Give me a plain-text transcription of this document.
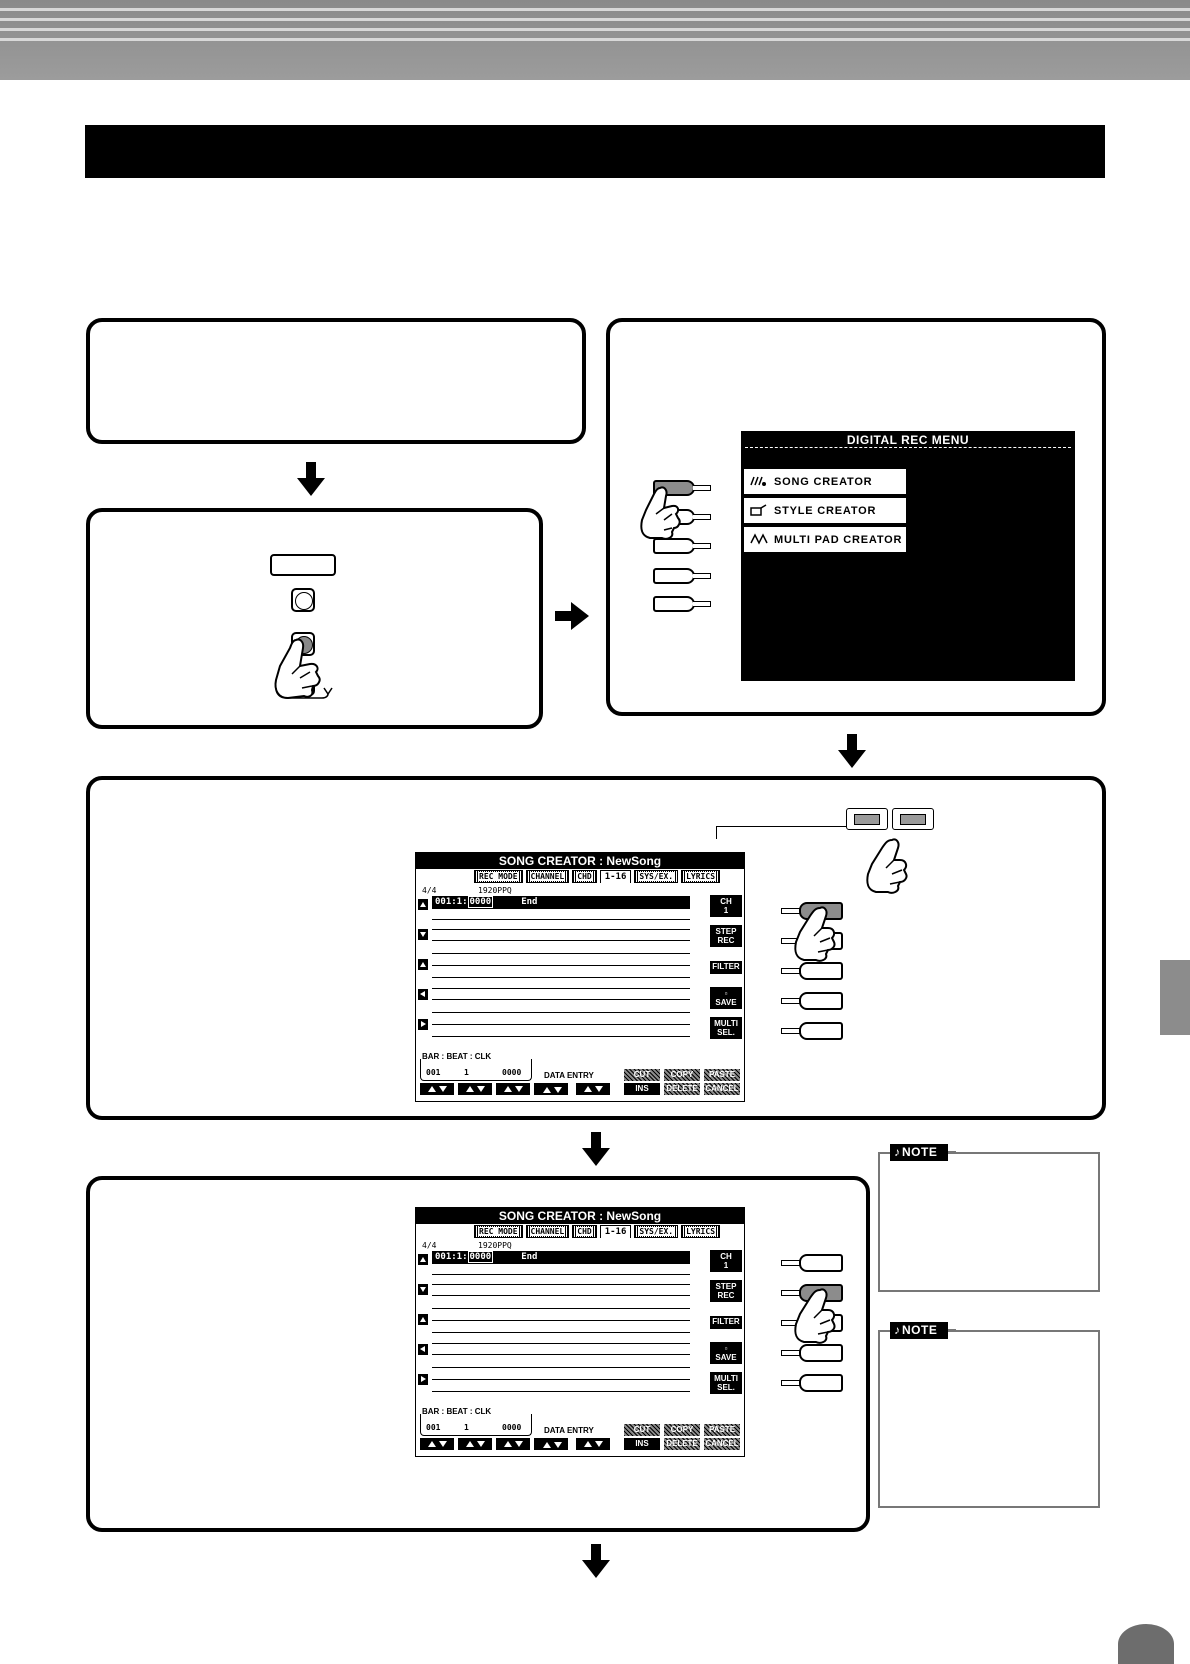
DIGITAL REC MENU
SONG CREATOR
STYLE CREATOR
MULTI PAD CREATOR
SONG CREATOR : NewSong
REC MODE	CHANNEL	CHD	1-16	SYS/EX.	LYRICS
4/4	1920PPQ
001:1: 0000	End	CH
1
STEP
REC
FILTER
▫
SAVE
MULTI
SEL.
BAR : BEAT : CLK
001	1	0000	DATA ENTRY	CUT	COPY	PASTE
INS	DELETE CANCEL
SONG CREATOR : NewSong
REC MODE	CHANNEL	CHD	1-16	SYS/EX.	LYRICS
4/4	1920PPQ
001:1: 0000	End	CH
1
STEP
REC
FILTER
▫
SAVE
MULTI
SEL.
BAR : BEAT : CLK
001	1	0000	DATA ENTRY	CUT	COPY	PASTE
INS	DELETE CANCEL
♪ NOTE
♪ NOTE
